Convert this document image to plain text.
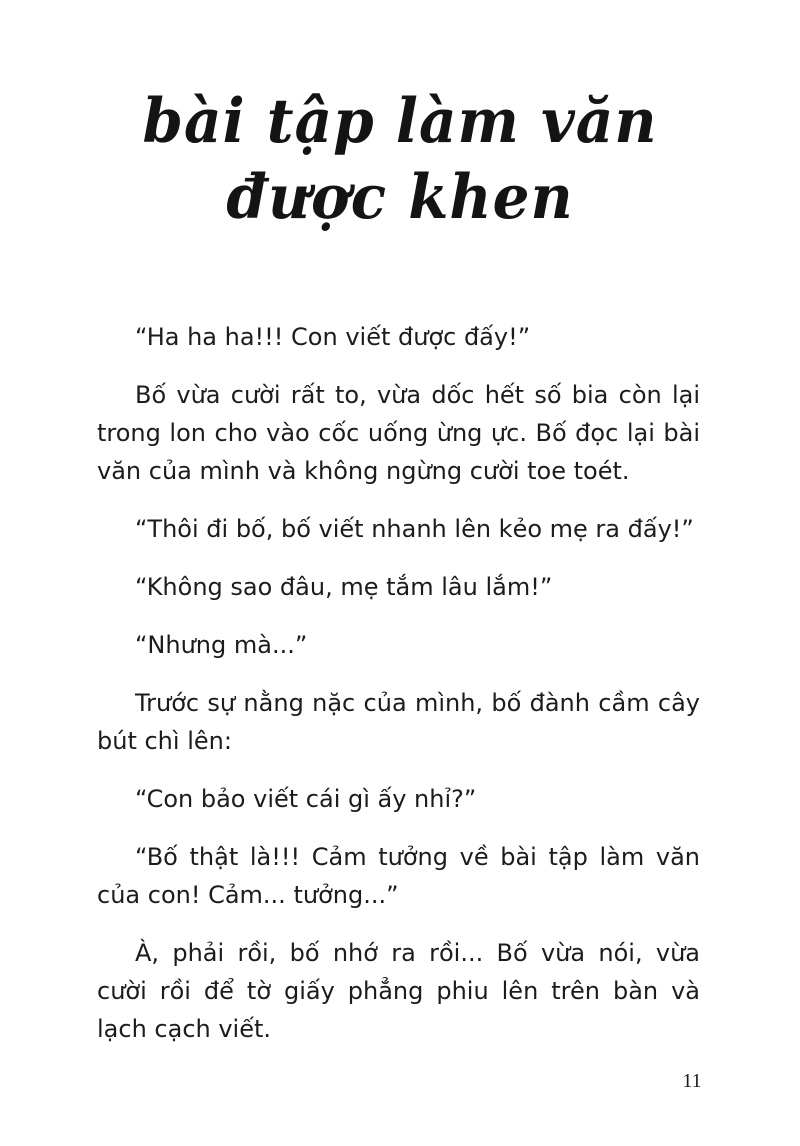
bài tập làm văn
được khen

“Ha ha ha!!! Con viết được đấy!”

Bố vừa cười rất to, vừa dốc hết số bia còn lại trong lon cho vào cốc uống ừng ực. Bố đọc lại bài văn của mình và không ngừng cười toe toét.

“Thôi đi bố, bố viết nhanh lên kẻo mẹ ra đấy!”

“Không sao đâu, mẹ tắm lâu lắm!”

“Nhưng mà...”

Trước sự nằng nặc của mình, bố đành cầm cây bút chì lên:

“Con bảo viết cái gì ấy nhỉ?”

“Bố thật là!!! Cảm tưởng về bài tập làm văn của con! Cảm... tưởng...”

À, phải rồi, bố nhớ ra rồi... Bố vừa nói, vừa cười rồi để tờ giấy phẳng phiu lên trên bàn và lạch cạch viết.

11
